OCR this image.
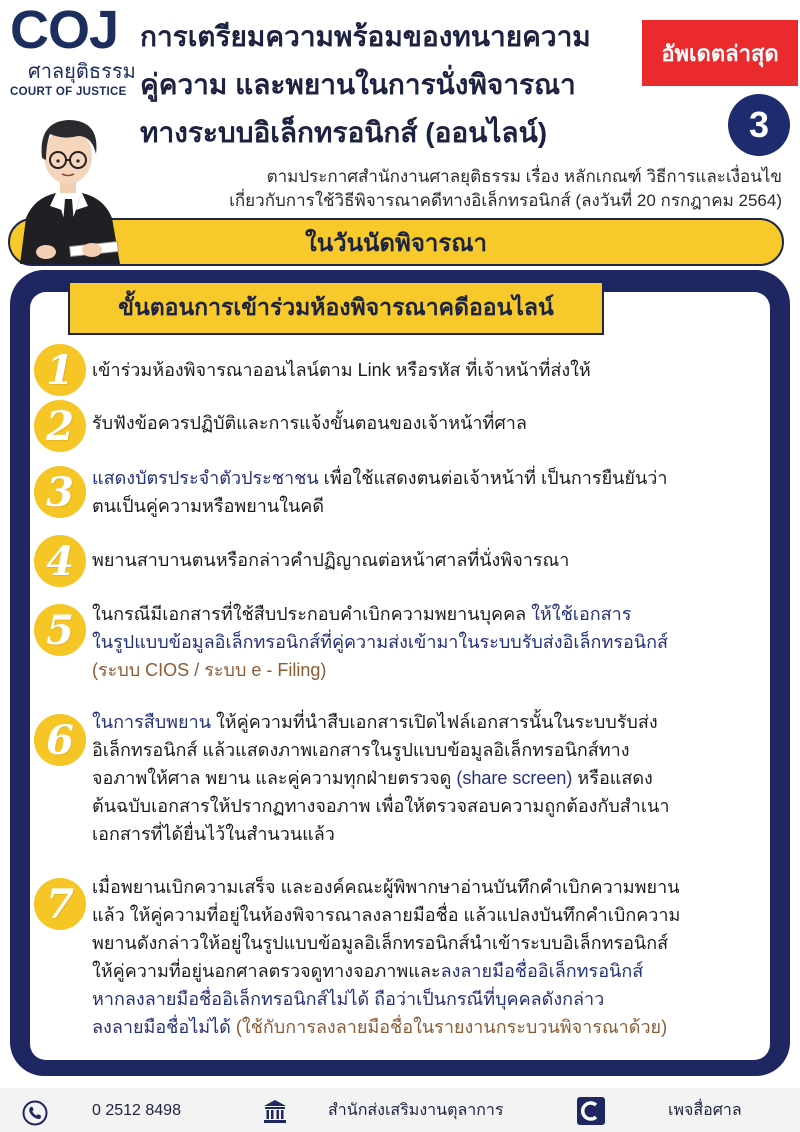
COJ
ศาลยุติธรรม
COURT OF JUSTICE
การเตรียมความพร้อมของทนายความ
คู่ความ และพยานในการนั่งพิจารณา
ทางระบบอิเล็กทรอนิกส์ (ออนไลน์)
อัพเดตล่าสุด
3
ตามประกาศสำนักงานศาลยุติธรรม เรื่อง หลักเกณฑ์ วิธีการและเงื่อนไข
เกี่ยวกับการใช้วิธีพิจารณาคดีทางอิเล็กทรอนิกส์ (ลงวันที่ 20 กรกฎาคม 2564)
ในวันนัดพิจารณา
ขั้นตอนการเข้าร่วมห้องพิจารณาคดีออนไลน์
1	เข้าร่วมห้องพิจารณาออนไลน์ตาม Link หรือรหัส ที่เจ้าหน้าที่ส่งให้
2	รับฟังข้อควรปฏิบัติและการแจ้งขั้นตอนของเจ้าหน้าที่ศาล
3	แสดงบัตรประจำตัวประชาชน เพื่อใช้แสดงตนต่อเจ้าหน้าที่ เป็นการยืนยันว่า
ตนเป็นคู่ความหรือพยานในคดี
4	พยานสาบานตนหรือกล่าวคำปฏิญาณต่อหน้าศาลที่นั่งพิจารณา
5	ในกรณีมีเอกสารที่ใช้สืบประกอบคำเบิกความพยานบุคคล ให้ใช้เอกสาร
ในรูปแบบข้อมูลอิเล็กทรอนิกส์ที่คู่ความส่งเข้ามาในระบบรับส่งอิเล็กทรอนิกส์
(ระบบ CIOS / ระบบ e - Filing)
6	ในการสืบพยาน ให้คู่ความที่นำสืบเอกสารเปิดไฟล์เอกสารนั้นในระบบรับส่ง
อิเล็กทรอนิกส์ แล้วแสดงภาพเอกสารในรูปแบบข้อมูลอิเล็กทรอนิกส์ทาง
จอภาพให้ศาล พยาน และคู่ความทุกฝ่ายตรวจดู (share screen) หรือแสดง
ต้นฉบับเอกสารให้ปรากฏทางจอภาพ เพื่อให้ตรวจสอบความถูกต้องกับสำเนา
เอกสารที่ได้ยื่นไว้ในสำนวนแล้ว
7	เมื่อพยานเบิกความเสร็จ และองค์คณะผู้พิพากษาอ่านบันทึกคำเบิกความพยาน
แล้ว ให้คู่ความที่อยู่ในห้องพิจารณาลงลายมือชื่อ แล้วแปลงบันทึกคำเบิกความ
พยานดังกล่าวให้อยู่ในรูปแบบข้อมูลอิเล็กทรอนิกส์นำเข้าระบบอิเล็กทรอนิกส์
ให้คู่ความที่อยู่นอกศาลตรวจดูทางจอภาพและลงลายมือชื่ออิเล็กทรอนิกส์
หากลงลายมือชื่ออิเล็กทรอนิกส์ไม่ได้ ถือว่าเป็นกรณีที่บุคคลดังกล่าว
ลงลายมือชื่อไม่ได้ (ใช้กับการลงลายมือชื่อในรายงานกระบวนพิจารณาด้วย)
0 2512 8498	สำนักส่งเสริมงานตุลาการ	เพจสื่อศาล
